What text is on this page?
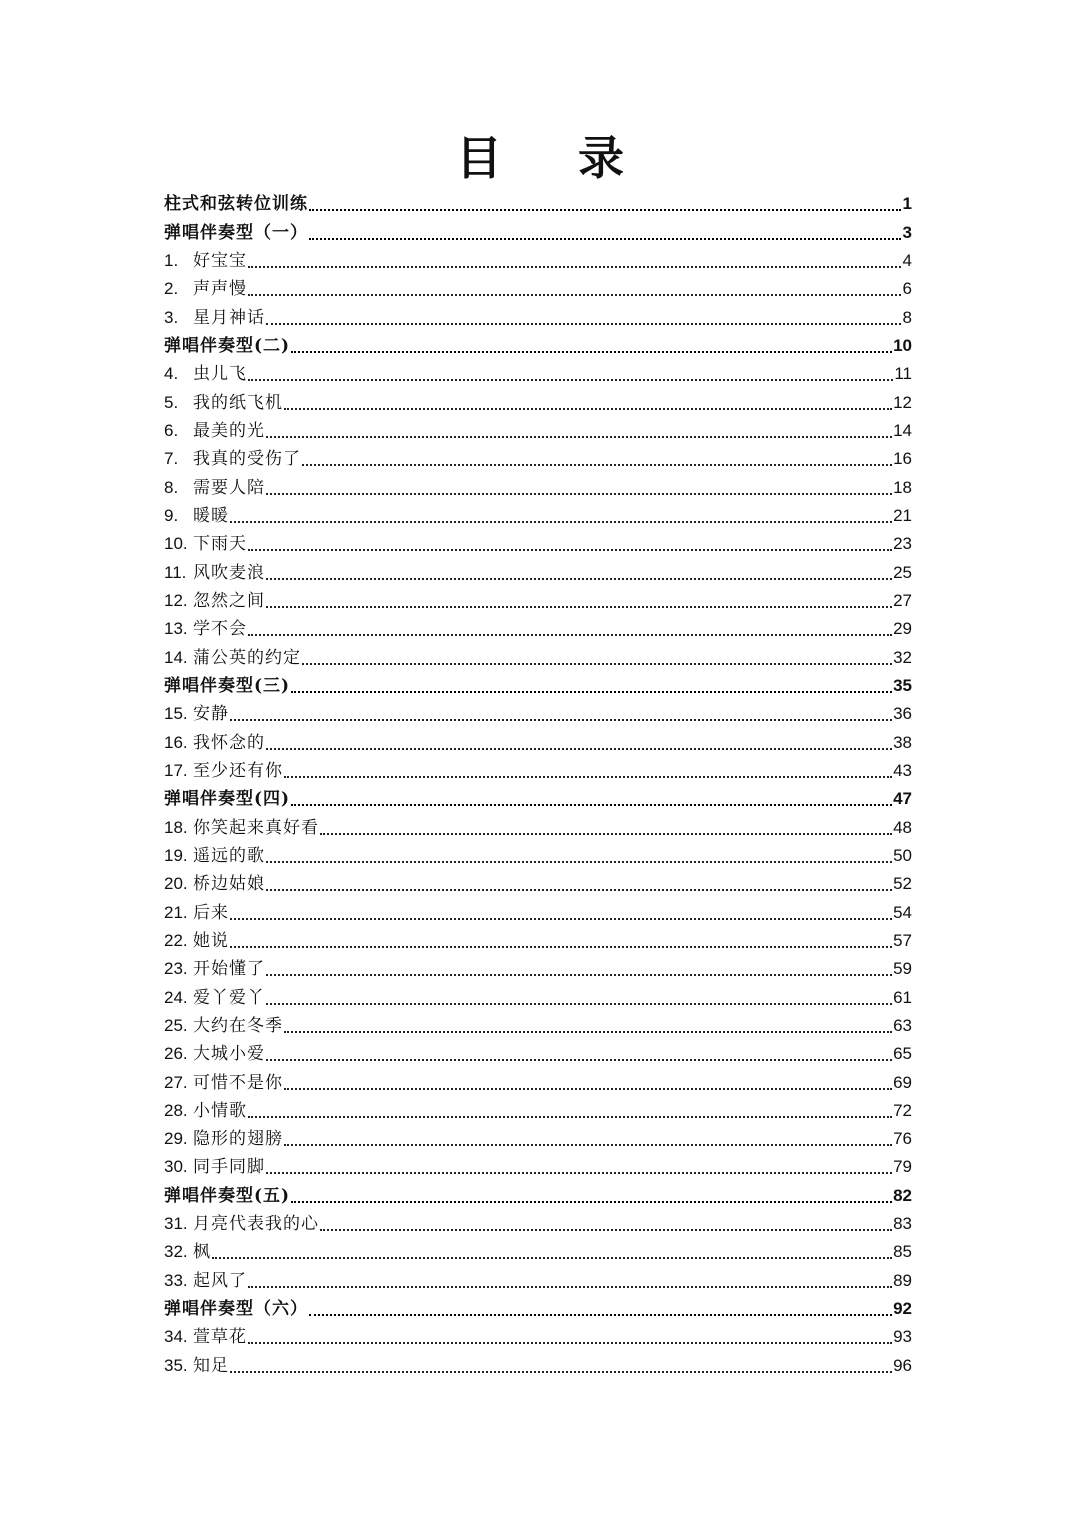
目 录
柱式和弦转位训练	1
弹唱伴奏型（一）	3
1. 好宝宝	4
2. 声声慢	6
3. 星月神话	8
弹唱伴奏型(二)	10
4. 虫儿飞	11
5. 我的纸飞机	12
6. 最美的光	14
7. 我真的受伤了	16
8. 需要人陪	18
9. 暖暖	21
10. 下雨天	23
11. 风吹麦浪	25
12. 忽然之间	27
13. 学不会	29
14. 蒲公英的约定	32
弹唱伴奏型(三)	35
15. 安静	36
16. 我怀念的	38
17. 至少还有你	43
弹唱伴奏型(四)	47
18. 你笑起来真好看	48
19. 遥远的歌	50
20. 桥边姑娘	52
21. 后来	54
22. 她说	57
23. 开始懂了	59
24. 爱丫爱丫	61
25. 大约在冬季	63
26. 大城小爱	65
27. 可惜不是你	69
28. 小情歌	72
29. 隐形的翅膀	76
30. 同手同脚	79
弹唱伴奏型(五)	82
31. 月亮代表我的心	83
32. 枫	85
33. 起风了	89
弹唱伴奏型（六）	92
34. 萱草花	93
35. 知足	96
